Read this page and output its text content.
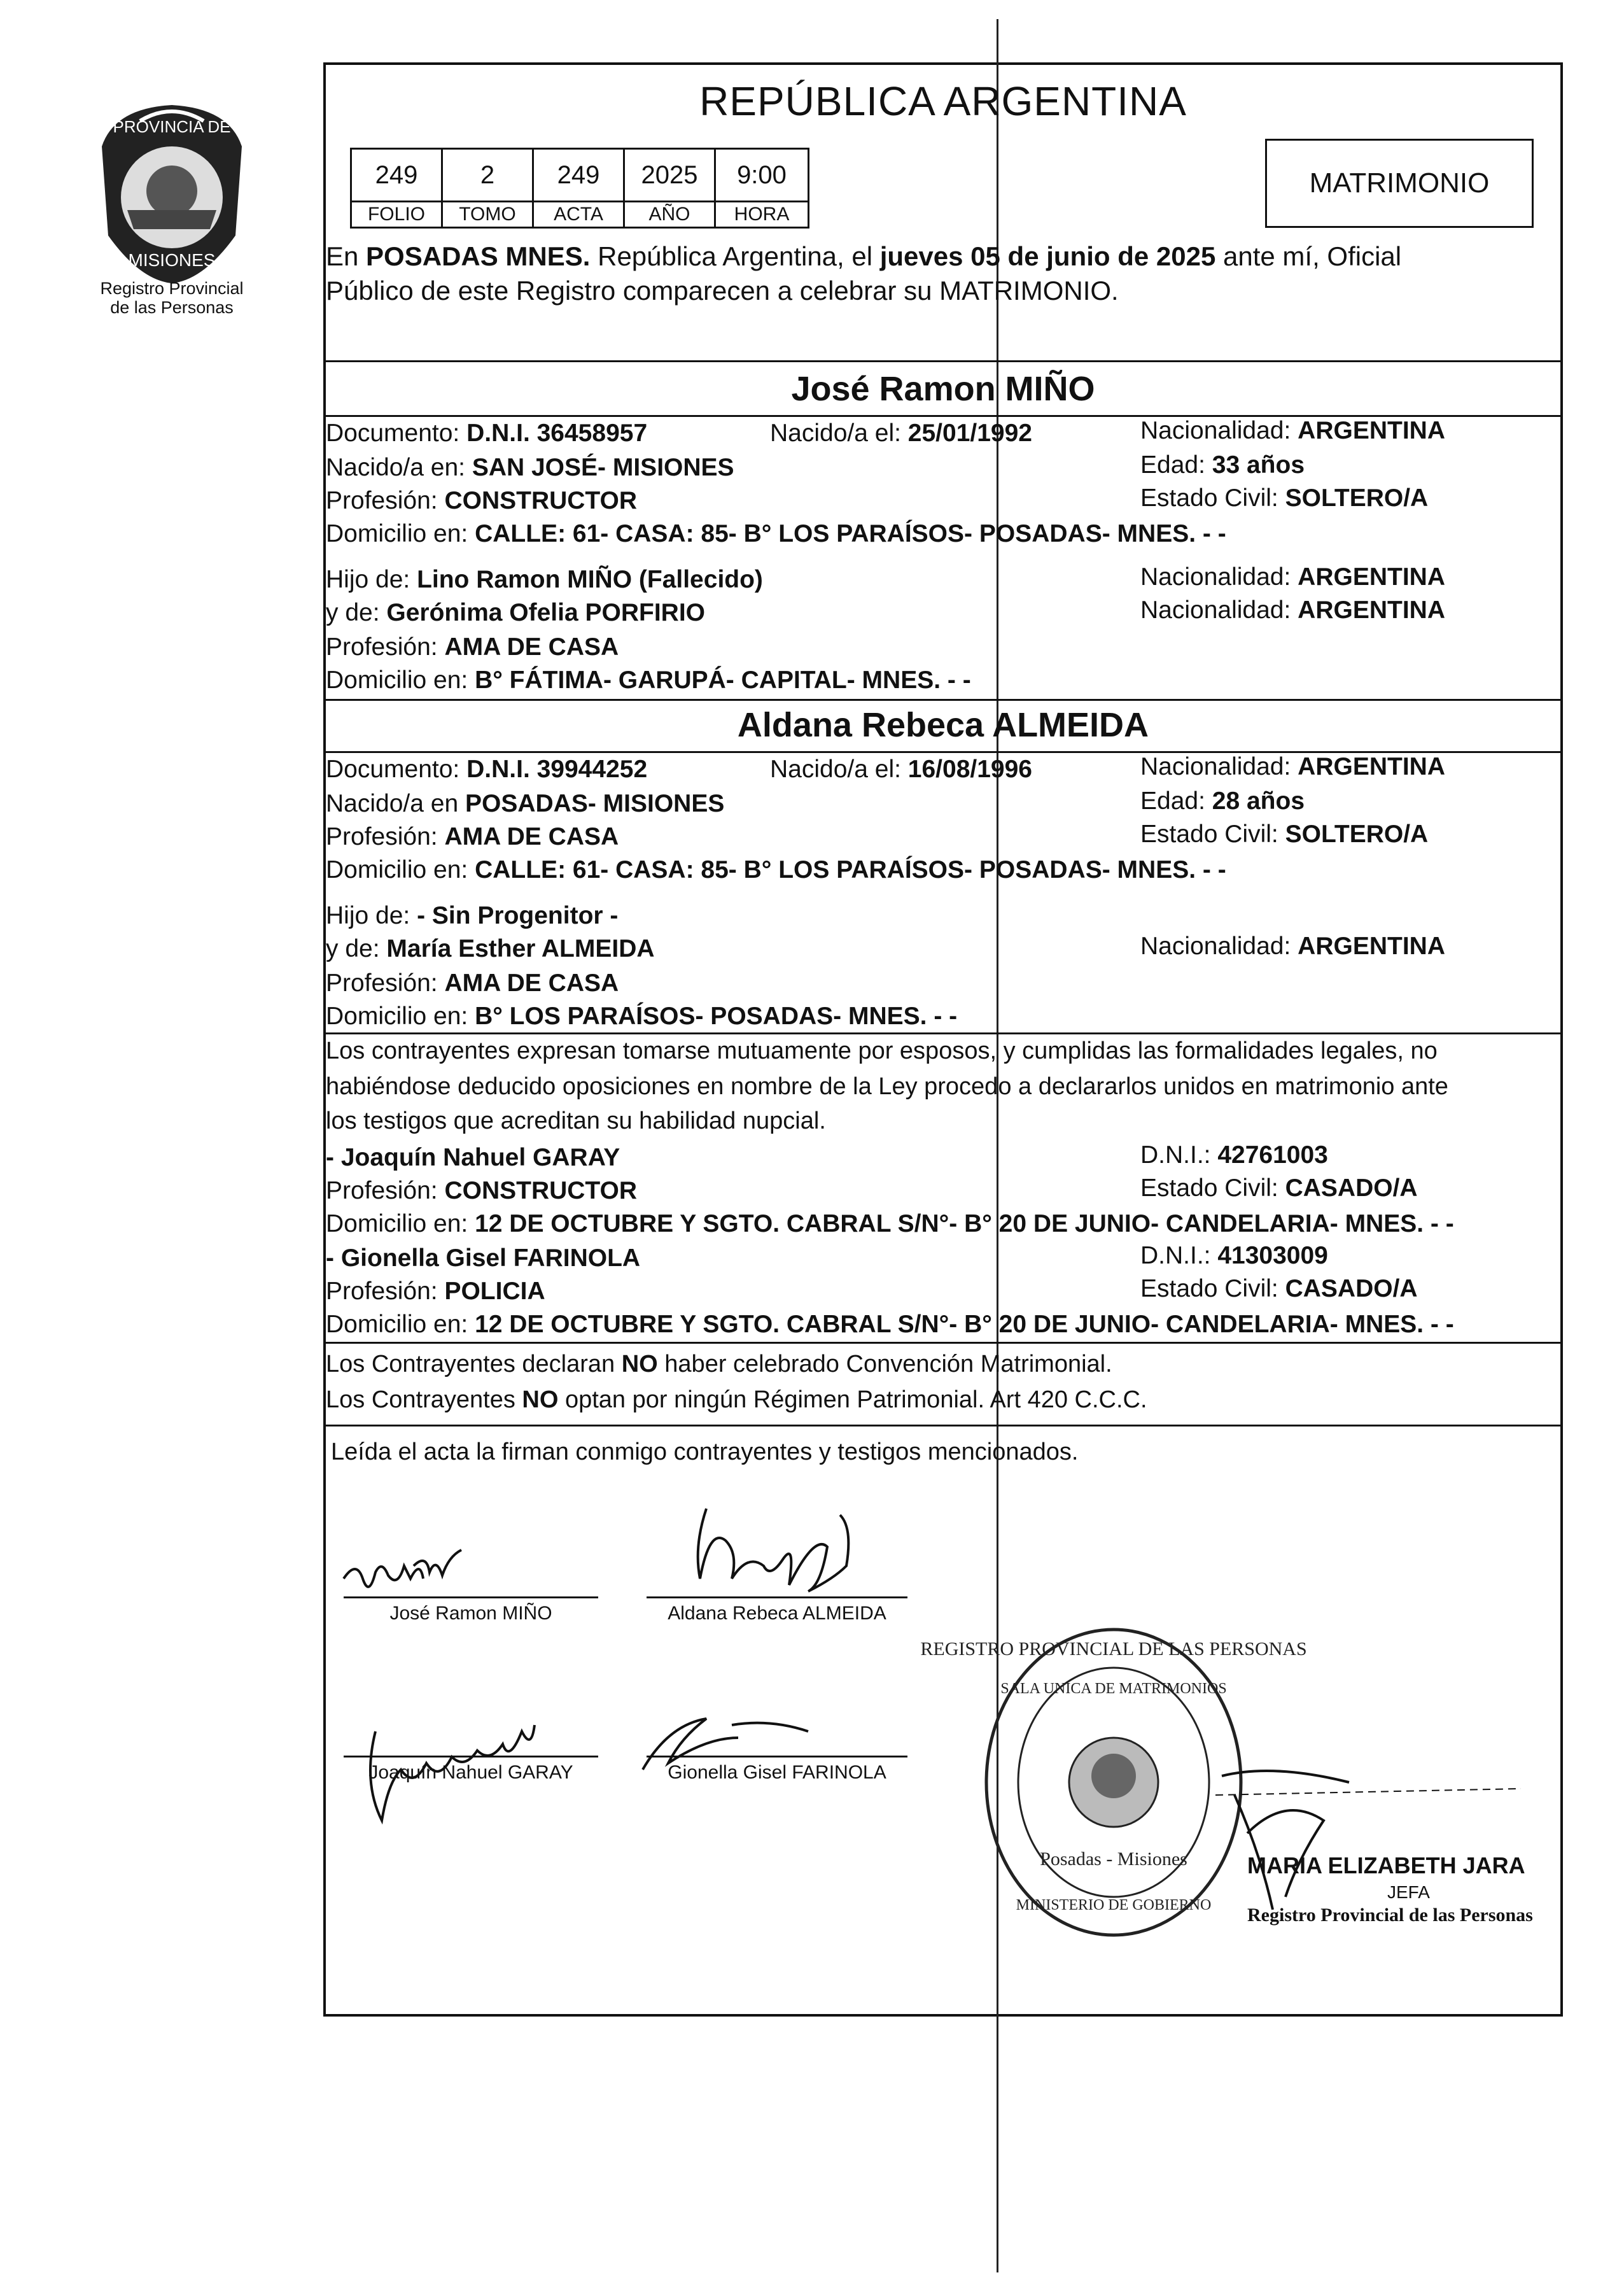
PROVINCIA DE
MISIONES
Registro Provincial
de las Personas
REPÚBLICA ARGENTINA
249	2	249	2025	9:00
FOLIO	TOMO	ACTA	AÑO	HORA
MATRIMONIO
En POSADAS MNES. República Argentina, el jueves 05 de junio de 2025 ante mí, Oficial
Público de este Registro comparecen a celebrar su MATRIMONIO.
José Ramon MIÑO
Documento: D.N.I. 36458957	Nacido/a el: 25/01/1992	Nacionalidad: ARGENTINA
Nacido/a en: SAN JOSÉ- MISIONES	Edad: 33 años
Profesión: CONSTRUCTOR	Estado Civil: SOLTERO/A
Domicilio en: CALLE: 61- CASA: 85- B° LOS PARAÍSOS- POSADAS- MNES. - -
Hijo de: Lino Ramon MIÑO (Fallecido)	Nacionalidad: ARGENTINA
y de: Gerónima Ofelia PORFIRIO	Nacionalidad: ARGENTINA
Profesión: AMA DE CASA
Domicilio en: B° FÁTIMA- GARUPÁ- CAPITAL- MNES. - -
Aldana Rebeca ALMEIDA
Documento: D.N.I. 39944252	Nacido/a el: 16/08/1996	Nacionalidad: ARGENTINA
Nacido/a en POSADAS- MISIONES	Edad: 28 años
Profesión: AMA DE CASA	Estado Civil: SOLTERO/A
Domicilio en: CALLE: 61- CASA: 85- B° LOS PARAÍSOS- POSADAS- MNES. - -
Hijo de: - Sin Progenitor -
y de: María Esther ALMEIDA	Nacionalidad: ARGENTINA
Profesión: AMA DE CASA
Domicilio en: B° LOS PARAÍSOS- POSADAS- MNES. - -
Los contrayentes expresan tomarse mutuamente por esposos, y cumplidas las formalidades legales, no
habiéndose deducido oposiciones en nombre de la Ley procedo a declararlos unidos en matrimonio ante
los testigos que acreditan su habilidad nupcial.
- Joaquín Nahuel GARAY	D.N.I.: 42761003
Profesión: CONSTRUCTOR	Estado Civil: CASADO/A
Domicilio en: 12 DE OCTUBRE Y SGTO. CABRAL S/N°- B° 20 DE JUNIO- CANDELARIA- MNES. - -
- Gionella Gisel FARINOLA	D.N.I.: 41303009
Profesión: POLICIA	Estado Civil: CASADO/A
Domicilio en: 12 DE OCTUBRE Y SGTO. CABRAL S/N°- B° 20 DE JUNIO- CANDELARIA- MNES. - -
Los Contrayentes declaran NO haber celebrado Convención Matrimonial.
Los Contrayentes NO optan por ningún Régimen Patrimonial. Art 420 C.C.C.
Leída el acta la firman conmigo contrayentes y testigos mencionados.
José Ramon MIÑO	Aldana Rebeca ALMEIDA
Joaquín Nahuel GARAY	Gionella Gisel FARINOLA
REGISTRO PROVINCIAL DE LAS PERSONAS
SALA UNICA DE MATRIMONIOS
Posadas - Misiones
MINISTERIO DE GOBIERNO
MARIA ELIZABETH JARA
JEFA
Registro Provincial de las Personas
